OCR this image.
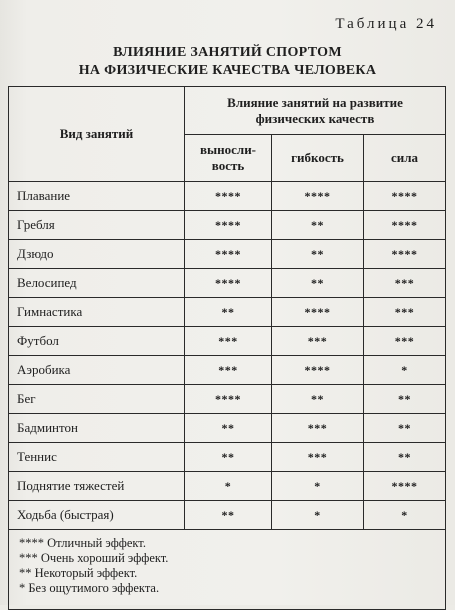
Таблица 24
ВЛИЯНИЕ ЗАНЯТИЙ СПОРТОМ
НА ФИЗИЧЕСКИЕ КАЧЕСТВА ЧЕЛОВЕКА
Вид занятий	Влияние занятий на развитие
физических качеств		

	выносли-
вость	гибкость	сила
Плавание	****	****	****
Гребля	****	**	****
Дзюдо	****	**	****
Велосипед	****	**	***
Гимнастика	**	****	***
Футбол	***	***	***
Аэробика	***	****	*
Бег	****	**	**
Бадминтон	**	***	**
Теннис	**	***	**
Поднятие тяжестей	*	*	****
Ходьба (быстрая)	**	*	*

**** Отличный эффект.
*** Очень хороший эффект.
** Некоторый эффект.
* Без ощутимого эффекта.			
